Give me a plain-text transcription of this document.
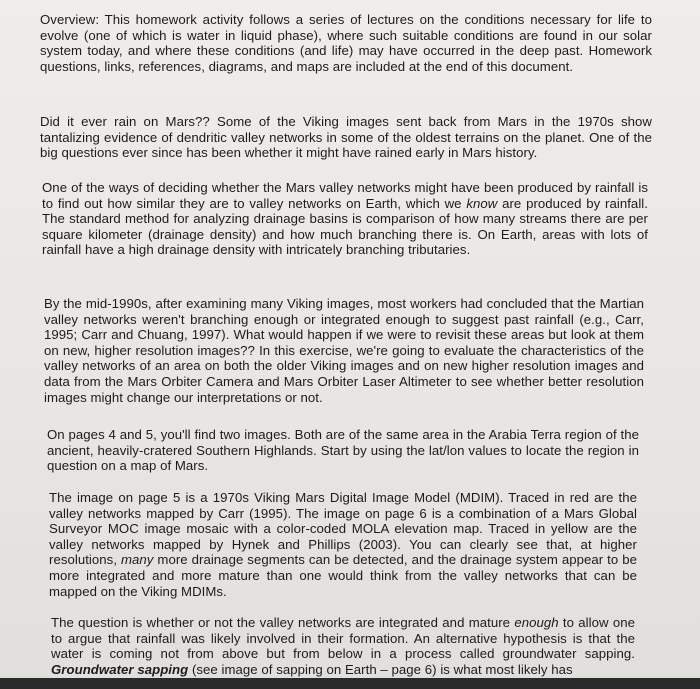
Overview: This homework activity follows a series of lectures on the conditions necessary for life to evolve (one of which is water in liquid phase), where such suitable conditions are found in our solar system today, and where these conditions (and life) may have occurred in the deep past. Homework questions, links, references, diagrams, and maps are included at the end of this document.

Did it ever rain on Mars?? Some of the Viking images sent back from Mars in the 1970s show tantalizing evidence of dendritic valley networks in some of the oldest terrains on the planet. One of the big questions ever since has been whether it might have rained early in Mars history.

One of the ways of deciding whether the Mars valley networks might have been produced by rainfall is to find out how similar they are to valley networks on Earth, which we know are produced by rainfall. The standard method for analyzing drainage basins is comparison of how many streams there are per square kilometer (drainage density) and how much branching there is. On Earth, areas with lots of rainfall have a high drainage density with intricately branching tributaries.

By the mid-1990s, after examining many Viking images, most workers had concluded that the Martian valley networks weren't branching enough or integrated enough to suggest past rainfall (e.g., Carr, 1995; Carr and Chuang, 1997). What would happen if we were to revisit these areas but look at them on new, higher resolution images?? In this exercise, we're going to evaluate the characteristics of the valley networks of an area on both the older Viking images and on new higher resolution images and data from the Mars Orbiter Camera and Mars Orbiter Laser Altimeter to see whether better resolution images might change our interpretations or not.

On pages 4 and 5, you'll find two images. Both are of the same area in the Arabia Terra region of the ancient, heavily-cratered Southern Highlands. Start by using the lat/lon values to locate the region in question on a map of Mars.

The image on page 5 is a 1970s Viking Mars Digital Image Model (MDIM). Traced in red are the valley networks mapped by Carr (1995). The image on page 6 is a combination of a Mars Global Surveyor MOC image mosaic with a color-coded MOLA elevation map. Traced in yellow are the valley networks mapped by Hynek and Phillips (2003). You can clearly see that, at higher resolutions, many more drainage segments can be detected, and the drainage system appear to be more integrated and more mature than one would think from the valley networks that can be mapped on the Viking MDIMs.

The question is whether or not the valley networks are integrated and mature enough to allow one to argue that rainfall was likely involved in their formation. An alternative hypothesis is that the water is coming not from above but from below in a process called groundwater sapping. Groundwater sapping (see image of sapping on Earth – page 6) is what most likely has
